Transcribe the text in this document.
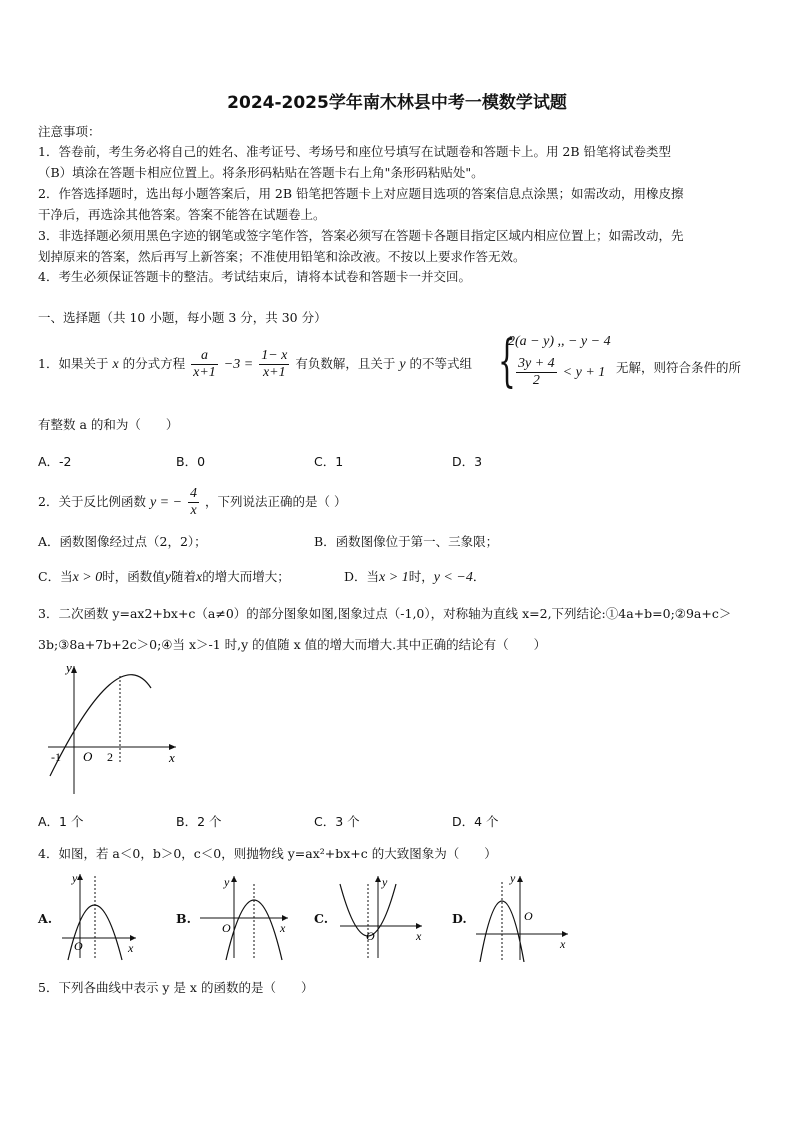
2024-2025学年南木林县中考一模数学试题
注意事项：
1．答卷前，考生务必将自己的姓名、准考证号、考场号和座位号填写在试题卷和答题卡上。用 2B 铅笔将试卷类型
（B）填涂在答题卡相应位置上。将条形码粘贴在答题卡右上角"条形码粘贴处"。
2．作答选择题时，选出每小题答案后，用 2B 铅笔把答题卡上对应题目选项的答案信息点涂黑；如需改动，用橡皮擦
干净后，再选涂其他答案。答案不能答在试题卷上。
3．非选择题必须用黑色字迹的钢笔或签字笔作答，答案必须写在答题卡各题目指定区域内相应位置上；如需改动，先
划掉原来的答案，然后再写上新答案；不准使用铅笔和涂改液。不按以上要求作答无效。
4．考生必须保证答题卡的整洁。考试结束后，请将本试卷和答题卡一并交回。
一、选择题（共 10 小题，每小题 3 分，共 30 分）
1．如果关于 x 的分式方程 $\frac{a}{x+1} -3 = \frac{1- x}{x+1}$ 有负数解，且关于 y 的不等式组 {
2(a − y) ,, − y − 4
$\frac{3y + 4}{2} < y + 1$ 无解，则符合条件的所
有整数 a 的和为（　　）
A．-2	B．0	C．1	D．3
2．关于反比例函数 y = − $\frac{4}{x}$ ，下列说法正确的是（ ）
A．函数图像经过点（2，2）；	B．函数图像位于第一、三象限；
C．当x > 0时，函数值y随着x的增大而增大；	D．当x > 1时，y < −4．
3．二次函数 y=ax2+bx+c（a≠0）的部分图象如图,图象过点（-1,0），对称轴为直线 x=2,下列结论:①4a+b=0;②9a+c＞
3b;③8a+7b+2c＞0;④当 x＞-1 时,y 的值随 x 值的增大而增大.其中正确的结论有（　　）
y
x
O
-1	2
A．1 个	B．2 个	C．3 个	D．4 个
4．如图，若 a＜0，b＞0，c＜0，则抛物线 y=ax²+bx+c 的大致图象为（　　）
A.
y
x
O
B.
y
x
O
C.
y
x
O
D.
y
x
O
5．下列各曲线中表示 y 是 x 的函数的是（　　）
